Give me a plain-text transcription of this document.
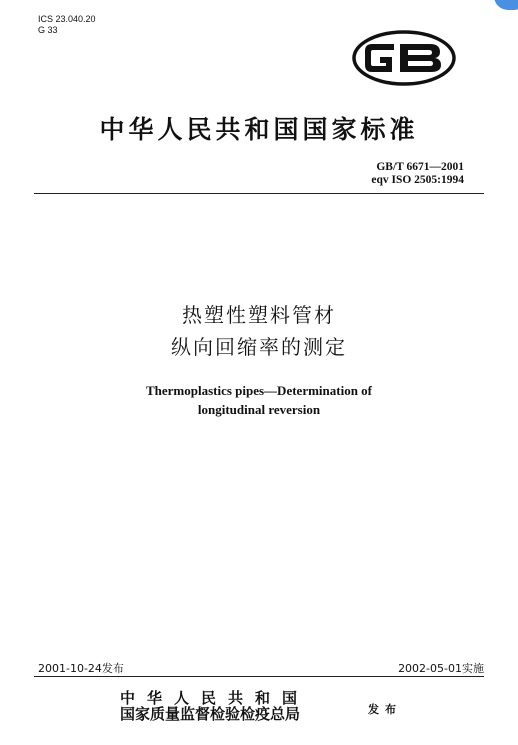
ICS 23.040.20
G 33
中华人民共和国国家标准
GB/T 6671—2001
eqv ISO 2505:1994
热塑性塑料管材
纵向回缩率的测定
Thermoplastics pipes—Determination of
longitudinal reversion
2001-10-24发布	2002-05-01实施
中华人民共和国
国家质量监督检验检疫总局	发布
